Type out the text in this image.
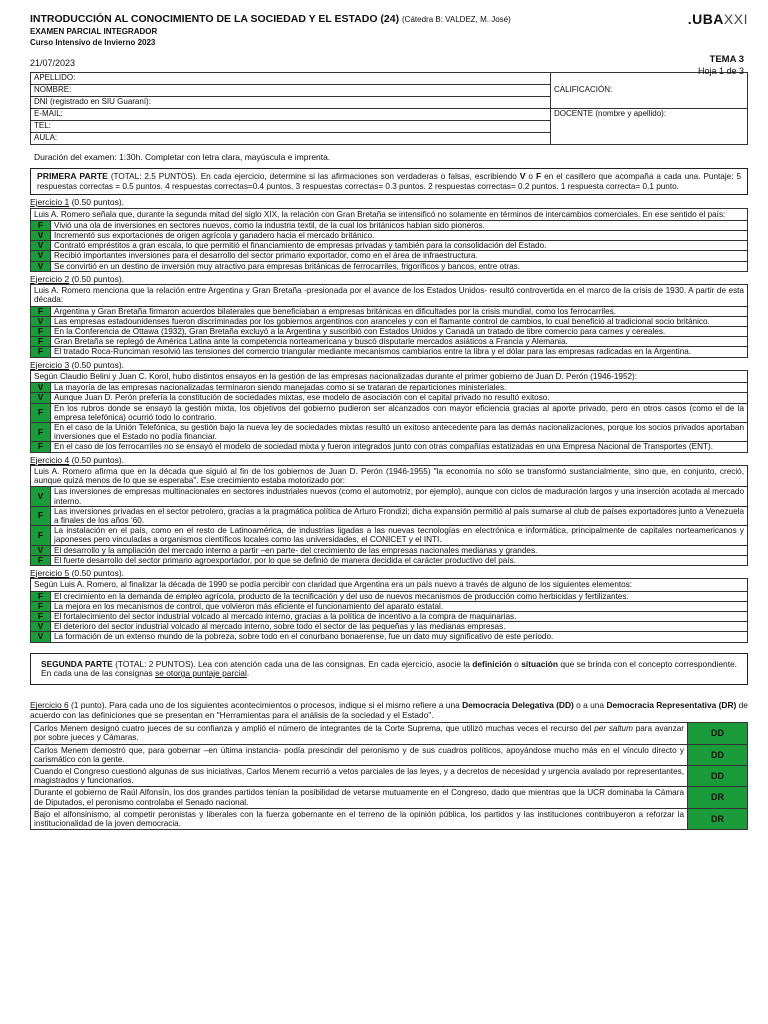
.UBAXXI
INTRODUCCIÓN AL CONOCIMIENTO DE LA SOCIEDAD Y EL ESTADO (24) (Cátedra B: VALDEZ, M. José)
EXAMEN PARCIAL INTEGRADOR
Curso Intensivo de Invierno 2023
21/07/2023	TEMA 3
Hoja 1 de 3
APELLIDO:	CALIFICACIÓN:
NOMBRE:	
DNI (registrado en SIU Guaraní):	
E-MAIL:	DOCENTE (nombre y apellido):
TEL:	
AULA:	
Duración del examen: 1:30h. Completar con letra clara, mayúscula e imprenta.
PRIMERA PARTE (TOTAL: 2.5 PUNTOS). En cada ejercicio, determine si las afirmaciones son verdaderas o falsas, escribiendo V o F en el casillero que acompaña a cada una. Puntaje: 5 respuestas correctas = 0.5 puntos. 4 respuestas correctas=0.4 puntos. 3 respuestas correctas= 0.3 puntos. 2 respuestas correctas= 0.2 puntos. 1 respuesta correcta= 0.1 punto.
Ejercicio 1 (0.50 puntos).
Luis A. Romero señala que, durante la segunda mitad del siglo XIX, la relación con Gran Bretaña se intensificó no solamente en términos de intercambios comerciales. En ese sentido el país:	
F	Vivió una ola de inversiones en sectores nuevos, como la industria textil, de la cual los británicos habían sido pioneros.
V	Incrementó sus exportaciones de origen agrícola y ganadero hacia el mercado británico.
V	Contrató empréstitos a gran escala, lo que permitió el financiamiento de empresas privadas y también para la consolidación del Estado.
V	Recibió importantes inversiones para el desarrollo del sector primario exportador, como en el área de infraestructura.
V	Se convirtió en un destino de inversión muy atractivo para empresas británicas de ferrocarriles, frigoríficos y bancos, entre otras.
Ejercicio 2 (0.50 puntos).
Luis A. Romero menciona que la relación entre Argentina y Gran Bretaña -presionada por el avance de los Estados Unidos- resultó controvertida en el marco de la crisis de 1930. A partir de esta década:	
F	Argentina y Gran Bretaña firmaron acuerdos bilaterales que beneficiaban a empresas británicas en dificultades por la crisis mundial, como los ferrocarriles.
V	Las empresas estadounidenses fueron discriminadas por los gobiernos argentinos con aranceles y con el flamante control de cambios, lo cual benefició al tradicional socio británico.
F	En la Conferencia de Ottawa (1932), Gran Bretaña excluyó a la Argentina y suscribió con Estados Unidos y Canadá un tratado de libre comercio para carnes y cereales.
F	Gran Bretaña se replegó de América Latina ante la competencia norteamericana y buscó disputarle mercados asiáticos a Francia y Alemania.
F	El tratado Roca-Runciman resolvió las tensiones del comercio triangular mediante mecanismos cambiarios entre la libra y el dólar para las empresas radicadas en la Argentina.
Ejercicio 3 (0.50 puntos).
Según Claudio Belini y Juan C. Korol, hubo distintos ensayos en la gestión de las empresas nacionalizadas durante el primer gobierno de Juan D. Perón (1946-1952):	
V	La mayoría de las empresas nacionalizadas terminaron siendo manejadas como si se trataran de reparticiones ministeriales.
V	Aunque Juan D. Perón prefería la constitución de sociedades mixtas, ese modelo de asociación con el capital privado no resultó exitoso.
F	En los rubros donde se ensayó la gestión mixta, los objetivos del gobierno pudieron ser alcanzados con mayor eficiencia gracias al aporte privado, pero en otros casos (como el de la empresa telefónica) ocurrió todo lo contrario.
F	En el caso de la Unión Telefónica, su gestión bajo la nueva ley de sociedades mixtas resultó un exitoso antecedente para las demás nacionalizaciones, porque los socios privados aportaban inversiones que el Estado no podía financiar.
F	En el caso de los ferrocarriles no se ensayó el modelo de sociedad mixta y fueron integrados junto con otras compañías estatizadas en una Empresa Nacional de Transportes (ENT).
Ejercicio 4 (0.50 puntos).
Luis A. Romero afirma que en la década que siguió al fin de los gobiernos de Juan D. Perón (1946-1955) "la economía no sólo se transformó sustancialmente, sino que, en conjunto, creció, aunque quizá menos de lo que se esperaba". Ese crecimiento estaba motorizado por:	
V	Las inversiones de empresas multinacionales en sectores industriales nuevos (como el automotriz, por ejemplo), aunque con ciclos de maduración largos y una inserción acotada al mercado interno.
F	Las inversiones privadas en el sector petrolero, gracias a la pragmática política de Arturo Frondizi; dicha expansión permitió al país sumarse al club de países exportadores junto a Venezuela a finales de los años ‘60.
F	La instalación en el país, como en el resto de Latinoamérica, de industrias ligadas a las nuevas tecnologías en electrónica e informática, principalmente de capitales norteamericanos y japoneses pero vinculadas a organismos científicos locales como las universidades, el CONICET y el INTI.
V	El desarrollo y la ampliación del mercado interno a partir –en parte- del crecimiento de las empresas nacionales medianas y grandes.
F	El fuerte desarrollo del sector primario agroexportador, por lo que se definió de manera decidida el carácter productivo del país.
Ejercicio 5 (0.50 puntos).
Según Luis A. Romero, al finalizar la década de 1990 se podía percibir con claridad que Argentina era un país nuevo a través de alguno de los siguientes elementos:	
F	El crecimiento en la demanda de empleo agrícola, producto de la tecnificación y del uso de nuevos mecanismos de producción como herbicidas y fertilizantes.
F	La mejora en los mecanismos de control, que volvieron más eficiente el funcionamiento del aparato estatal.
F	El fortalecimiento del sector industrial volcado al mercado interno, gracias a la política de incentivo a la compra de maquinarias.
V	El deterioro del sector industrial volcado al mercado interno, sobre todo el sector de las pequeñas y las medianas empresas.
V	La formación de un extenso mundo de la pobreza, sobre todo en el conurbano bonaerense, fue un dato muy significativo de este período.
SEGUNDA PARTE (TOTAL: 2 PUNTOS). Lea con atención cada una de las consignas. En cada ejercicio, asocie la definición o situación que se brinda con el concepto correspondiente. En cada una de las consignas se otorga puntaje parcial.
Ejercicio 6 (1 punto). Para cada uno de los siguientes acontecimientos o procesos, indique si el mismo refiere a una Democracia Delegativa (DD) o a una Democracia Representativa (DR) de acuerdo con las definiciones que se presentan en "Herramientas para el análisis de la sociedad y el Estado".
Carlos Menem designó cuatro jueces de su confianza y amplió el número de integrantes de la Corte Suprema, que utilizó muchas veces el recurso del per saltum para avanzar por sobre jueces y Cámaras.	DD
Carlos Menem demostró que, para gobernar –en última instancia- podía prescindir del peronismo y de sus cuadros políticos, apoyándose mucho más en el vínculo directo y carismático con la gente.	DD
Cuando el Congreso cuestionó algunas de sus iniciativas, Carlos Menem recurrió a vetos parciales de las leyes, y a decretos de necesidad y urgencia avalado por representantes, magistrados y funcionarios.	DD
Durante el gobierno de Raúl Alfonsín, los dos grandes partidos tenían la posibilidad de vetarse mutuamente en el Congreso, dado que mientras que la UCR dominaba la Cámara de Diputados, el peronismo controlaba el Senado nacional.	DR
Bajo el alfonsinismo, al competir peronistas y liberales con la fuerza gobernante en el terreno de la opinión pública, los partidos y las instituciones contribuyeron a reforzar la institucionalidad de la joven democracia.	DR
